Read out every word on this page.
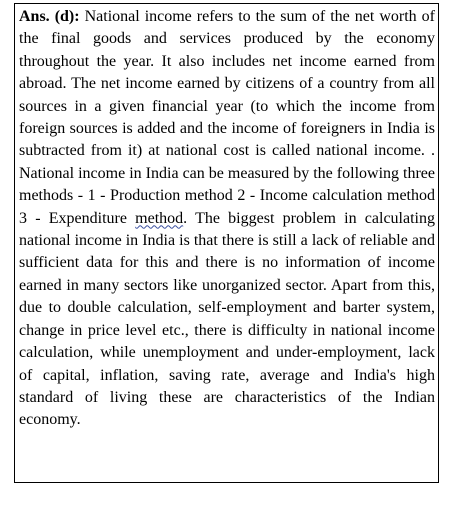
Ans. (d): National income refers to the sum of the net worth of the final goods and services produced by the economy throughout the year. It also includes net income earned from abroad. The net income earned by citizens of a country from all sources in a given financial year (to which the income from foreign sources is added and the income of foreigners in India is subtracted from it) at national cost is called national income. . National income in India can be measured by the following three methods - 1 - Production method 2 - Income calculation method 3 - Expenditure method. The biggest problem in calculating national income in India is that there is still a lack of reliable and sufficient data for this and there is no information of income earned in many sectors like unorganized sector. Apart from this, due to double calculation, self-employment and barter system, change in price level etc., there is difficulty in national income calculation, while unemployment and under-employment, lack of capital, inflation, saving rate, average and India's high standard of living these are characteristics of the Indian economy.
